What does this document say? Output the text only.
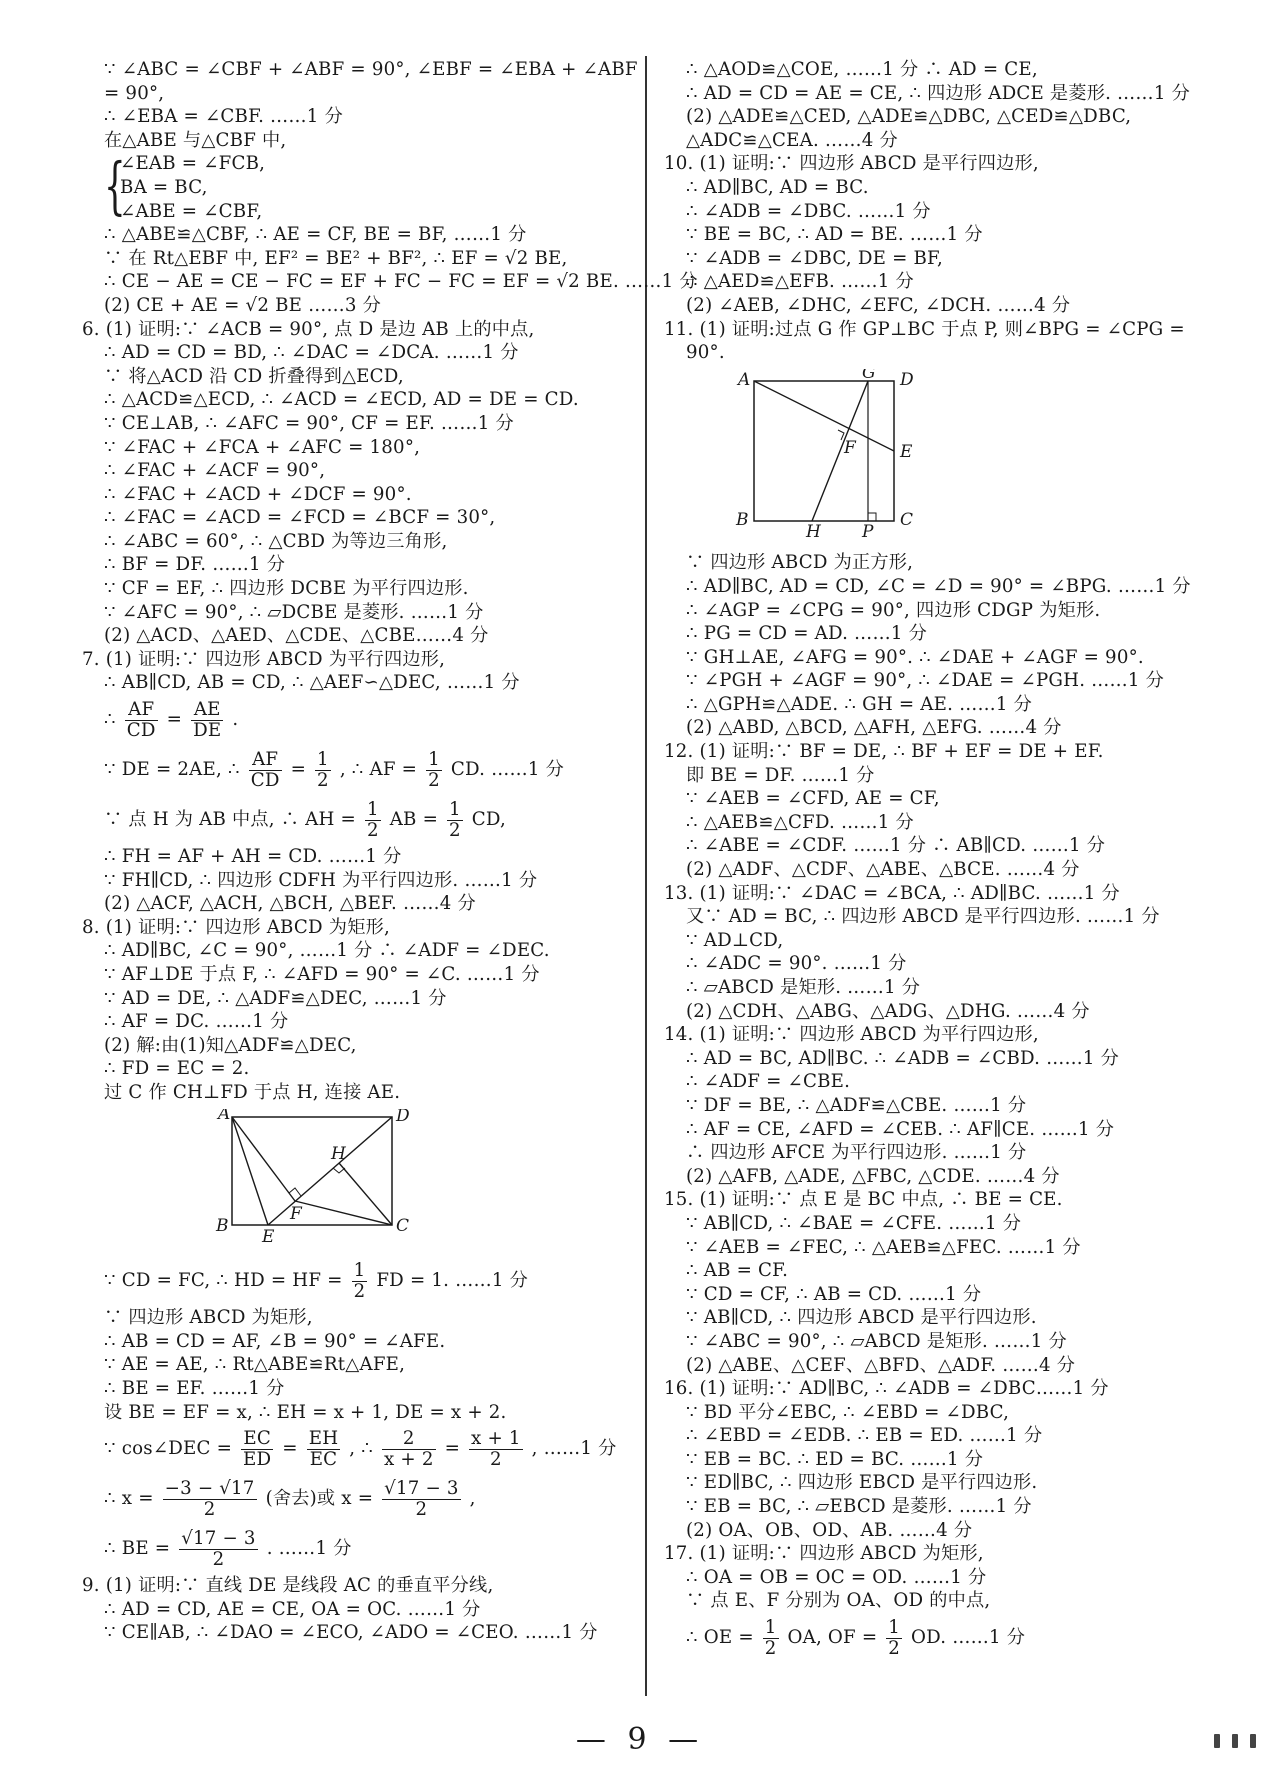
∵ ∠ABC = ∠CBF + ∠ABF = 90°, ∠EBF = ∠EBA + ∠ABF
= 90°,
∴ ∠EBA = ∠CBF. ……1 分
在△ABE 与△CBF 中,
{
∠EAB = ∠FCB,
BA = BC,
∠ABE = ∠CBF,
∴ △ABE≌△CBF, ∴ AE = CF, BE = BF, ……1 分
∵ 在 Rt△EBF 中, EF² = BE² + BF², ∴ EF = √2 BE,
∴ CE − AE = CE − FC = EF + FC − FC = EF = √2 BE. ……1 分
(2) CE + AE = √2 BE ……3 分
6. (1) 证明:∵ ∠ACB = 90°, 点 D 是边 AB 上的中点,
∴ AD = CD = BD, ∴ ∠DAC = ∠DCA. ……1 分
∵ 将△ACD 沿 CD 折叠得到△ECD,
∴ △ACD≌△ECD, ∴ ∠ACD = ∠ECD, AD = DE = CD.
∵ CE⊥AB, ∴ ∠AFC = 90°, CF = EF. ……1 分
∵ ∠FAC + ∠FCA + ∠AFC = 180°,
∴ ∠FAC + ∠ACF = 90°,
∴ ∠FAC + ∠ACD + ∠DCF = 90°.
∴ ∠FAC = ∠ACD = ∠FCD = ∠BCF = 30°,
∴ ∠ABC = 60°, ∴ △CBD 为等边三角形,
∴ BF = DF. ……1 分
∵ CF = EF, ∴ 四边形 DCBE 为平行四边形.
∵ ∠AFC = 90°, ∴ ▱DCBE 是菱形. ……1 分
(2) △ACD、△AED、△CDE、△CBE……4 分
7. (1) 证明:∵ 四边形 ABCD 为平行四边形,
∴ AB∥CD, AB = CD, ∴ △AEF∽△DEC, ……1 分
∴ $\frac{AF}{CD} = \frac{AE}{DE}$ .
∵ DE = 2AE, ∴ $\frac{AF}{CD} = \frac{1}{2}$ , ∴ AF = $\frac{1}{2}$ CD. ……1 分
∵ 点 H 为 AB 中点, ∴ AH = $\frac{1}{2}$ AB = $\frac{1}{2}$ CD,
∴ FH = AF + AH = CD. ……1 分
∵ FH∥CD, ∴ 四边形 CDFH 为平行四边形. ……1 分
(2) △ACF, △ACH, △BCH, △BEF. ……4 分
8. (1) 证明:∵ 四边形 ABCD 为矩形,
∴ AD∥BC, ∠C = 90°, ……1 分 ∴ ∠ADF = ∠DEC.
∵ AF⊥DE 于点 F, ∴ ∠AFD = 90° = ∠C. ……1 分
∵ AD = DE, ∴ △ADF≌△DEC, ……1 分
∴ AF = DC. ……1 分
(2) 解:由(1)知△ADF≌△DEC,
∴ FD = EC = 2.
过 C 作 CH⊥FD 于点 H, 连接 AE.
A	D
H
F
B
E
C
∵ CD = FC, ∴ HD = HF = $\frac{1}{2}$ FD = 1. ……1 分
∵ 四边形 ABCD 为矩形,
∴ AB = CD = AF, ∠B = 90° = ∠AFE.
∵ AE = AE, ∴ Rt△ABE≌Rt△AFE,
∴ BE = EF. ……1 分
设 BE = EF = x, ∴ EH = x + 1, DE = x + 2.
∵ cos∠DEC = $\frac{EC}{ED} = \frac{EH}{EC}$ , ∴ $\frac{2}{x + 2} = \frac{x + 1}{2}$ , ……1 分
∴ $x = \frac{-3 - √17}{2}$ (舍去)或 $x = \frac{√17 - 3}{2}$ ,
∴ BE = $\frac{√17 - 3}{2}$ . ……1 分
9. (1) 证明:∵ 直线 DE 是线段 AC 的垂直平分线,
∴ AD = CD, AE = CE, OA = OC. ……1 分
∵ CE∥AB, ∴ ∠DAO = ∠ECO, ∠ADO = ∠CEO. ……1 分
∴ △AOD≌△COE, ……1 分 ∴ AD = CE,
∴ AD = CD = AE = CE, ∴ 四边形 ADCE 是菱形. ……1 分
(2) △ADE≌△CED, △ADE≌△DBC, △CED≌△DBC,
△ADC≌△CEA. ……4 分
10. (1) 证明:∵ 四边形 ABCD 是平行四边形,
∴ AD∥BC, AD = BC.
∴ ∠ADB = ∠DBC. ……1 分
∵ BE = BC, ∴ AD = BE. ……1 分
∵ ∠ADB = ∠DBC, DE = BF,
∴ △AED≌△EFB. ……1 分
(2) ∠AEB, ∠DHC, ∠EFC, ∠DCH. ……4 分
11. (1) 证明:过点 G 作 GP⊥BC 于点 P, 则∠BPG = ∠CPG =
90°.
A	G D
E
F
B
H P
C
∵ 四边形 ABCD 为正方形,
∴ AD∥BC, AD = CD, ∠C = ∠D = 90° = ∠BPG. ……1 分
∴ ∠AGP = ∠CPG = 90°, 四边形 CDGP 为矩形.
∴ PG = CD = AD. ……1 分
∵ GH⊥AE, ∠AFG = 90°. ∴ ∠DAE + ∠AGF = 90°.
∵ ∠PGH + ∠AGF = 90°, ∴ ∠DAE = ∠PGH. ……1 分
∴ △GPH≌△ADE. ∴ GH = AE. ……1 分
(2) △ABD, △BCD, △AFH, △EFG. ……4 分
12. (1) 证明:∵ BF = DE, ∴ BF + EF = DE + EF.
即 BE = DF. ……1 分
∵ ∠AEB = ∠CFD, AE = CF,
∴ △AEB≌△CFD. ……1 分
∴ ∠ABE = ∠CDF. ……1 分 ∴ AB∥CD. ……1 分
(2) △ADF、△CDF、△ABE、△BCE. ……4 分
13. (1) 证明:∵ ∠DAC = ∠BCA, ∴ AD∥BC. ……1 分
又∵ AD = BC, ∴ 四边形 ABCD 是平行四边形. ……1 分
∵ AD⊥CD,
∴ ∠ADC = 90°. ……1 分
∴ ▱ABCD 是矩形. ……1 分
(2) △CDH、△ABG、△ADG、△DHG. ……4 分
14. (1) 证明:∵ 四边形 ABCD 为平行四边形,
∴ AD = BC, AD∥BC. ∴ ∠ADB = ∠CBD. ……1 分
∴ ∠ADF = ∠CBE.
∵ DF = BE, ∴ △ADF≌△CBE. ……1 分
∴ AF = CE, ∠AFD = ∠CEB. ∴ AF∥CE. ……1 分
∴ 四边形 AFCE 为平行四边形. ……1 分
(2) △AFB, △ADE, △FBC, △CDE. ……4 分
15. (1) 证明:∵ 点 E 是 BC 中点, ∴ BE = CE.
∵ AB∥CD, ∴ ∠BAE = ∠CFE. ……1 分
∵ ∠AEB = ∠FEC, ∴ △AEB≌△FEC. ……1 分
∴ AB = CF.
∵ CD = CF, ∴ AB = CD. ……1 分
∵ AB∥CD, ∴ 四边形 ABCD 是平行四边形.
∵ ∠ABC = 90°, ∴ ▱ABCD 是矩形. ……1 分
(2) △ABE、△CEF、△BFD、△ADF. ……4 分
16. (1) 证明:∵ AD∥BC, ∴ ∠ADB = ∠DBC……1 分
∵ BD 平分∠EBC, ∴ ∠EBD = ∠DBC,
∴ ∠EBD = ∠EDB. ∴ EB = ED. ……1 分
∵ EB = BC. ∴ ED = BC. ……1 分
∵ ED∥BC, ∴ 四边形 EBCD 是平行四边形.
∵ EB = BC, ∴ ▱EBCD 是菱形. ……1 分
(2) OA、OB、OD、AB. ……4 分
17. (1) 证明:∵ 四边形 ABCD 为矩形,
∴ OA = OB = OC = OD. ……1 分
∵ 点 E、F 分别为 OA、OD 的中点,
∴ OE = $\frac{1}{2}$ OA, OF = $\frac{1}{2}$ OD. ……1 分
— 9 —
